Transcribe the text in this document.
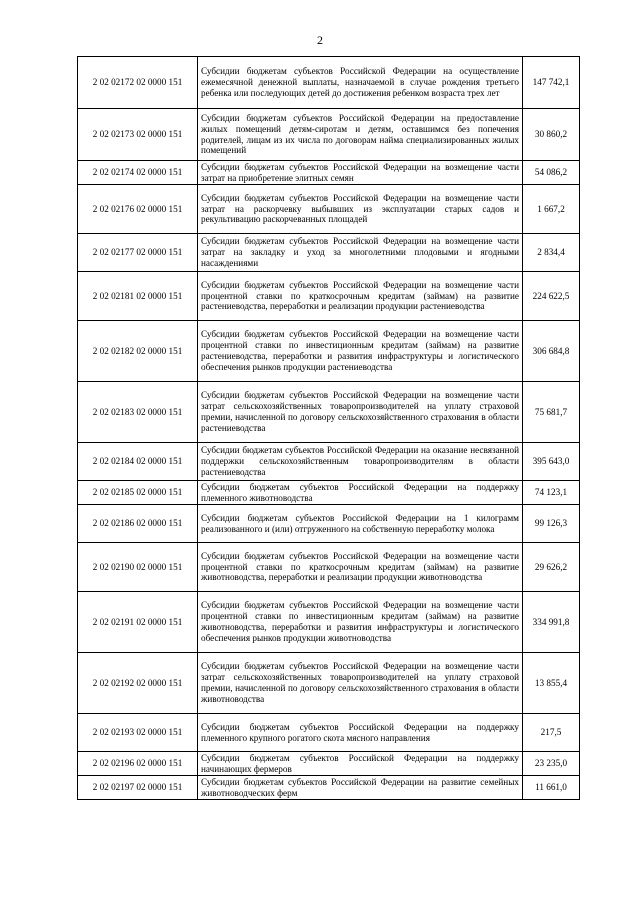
2
2 02 02172 02 0000 151	Субсидии бюджетам субъектов Российской Федерации на осуществление ежемесячной денежной выплаты, назначаемой в случае рождения третьего ребенка или последующих детей до достижения ребенком возраста трех лет	147 742,1
2 02 02173 02 0000 151	Субсидии бюджетам субъектов Российской Федерации на предоставление жилых помещений детям-сиротам и детям, оставшимся без попечения родителей, лицам из их числа по договорам найма специализированных жилых помещений	30 860,2
2 02 02174 02 0000 151	Субсидии бюджетам субъектов Российской Федерации на возмещение части затрат на приобретение элитных семян	54 086,2
2 02 02176 02 0000 151	Субсидии бюджетам субъектов Российской Федерации на возмещение части затрат на раскорчевку выбывших из эксплуатации старых садов и рекультивацию раскорчеванных площадей	1 667,2
2 02 02177 02 0000 151	Субсидии бюджетам субъектов Российской Федерации на возмещение части затрат на закладку и уход за многолетними плодовыми и ягодными насаждениями	2 834,4
2 02 02181 02 0000 151	Субсидии бюджетам субъектов Российской Федерации на возмещение части процентной ставки по краткосрочным кредитам (займам) на развитие растениеводства, переработки и реализации продукции растениеводства	224 622,5
2 02 02182 02 0000 151	Субсидии бюджетам субъектов Российской Федерации на возмещение части процентной ставки по инвестиционным кредитам (займам) на развитие растениеводства, переработки и развития инфраструктуры и логистического обеспечения рынков продукции растениеводства	306 684,8
2 02 02183 02 0000 151	Субсидии бюджетам субъектов Российской Федерации на возмещение части затрат сельскохозяйственных товаропроизводителей на уплату страховой премии, начисленной по договору сельскохозяйственного страхования в области растениеводства	75 681,7
2 02 02184 02 0000 151	Субсидии бюджетам субъектов Российской Федерации на оказание несвязанной поддержки сельскохозяйственным товаропроизводителям в области растениеводства	395 643,0
2 02 02185 02 0000 151	Субсидии бюджетам субъектов Российской Федерации на поддержку племенного животноводства	74 123,1
2 02 02186 02 0000 151	Субсидии бюджетам субъектов Российской Федерации на 1 килограмм реализованного и (или) отгруженного на собственную переработку молока	99 126,3
2 02 02190 02 0000 151	Субсидии бюджетам субъектов Российской Федерации на возмещение части процентной ставки по краткосрочным кредитам (займам) на развитие животноводства, переработки и реализации продукции животноводства	29 626,2
2 02 02191 02 0000 151	Субсидии бюджетам субъектов Российской Федерации на возмещение части процентной ставки по инвестиционным кредитам (займам) на развитие животноводства, переработки и развития инфраструктуры и логистического обеспечения рынков продукции животноводства	334 991,8
2 02 02192 02 0000 151	Субсидии бюджетам субъектов Российской Федерации на возмещение части затрат сельскохозяйственных товаропроизводителей на уплату страховой премии, начисленной по договору сельскохозяйственного страхования в области животноводства	13 855,4
2 02 02193 02 0000 151	Субсидии бюджетам субъектов Российской Федерации на поддержку племенного крупного рогатого скота мясного направления	217,5
2 02 02196 02 0000 151	Субсидии бюджетам субъектов Российской Федерации на поддержку начинающих фермеров	23 235,0
2 02 02197 02 0000 151	Субсидии бюджетам субъектов Российской Федерации на развитие семейных животноводческих ферм	11 661,0
